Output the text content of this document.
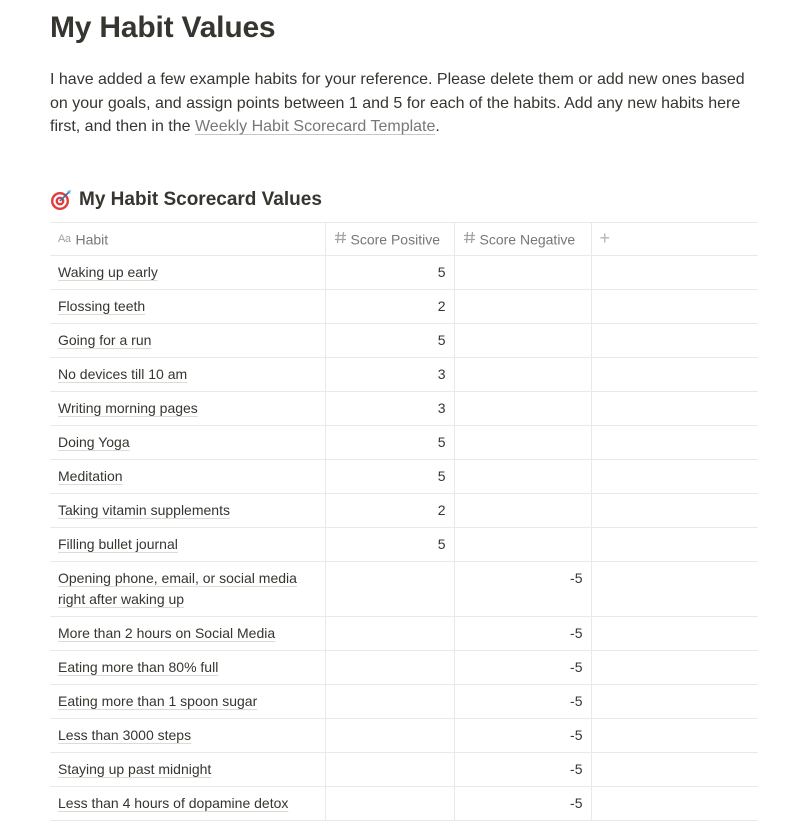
My Habit Values
I have added a few example habits for your reference. Please delete them or add new ones based on your goals, and assign points between 1 and 5 for each of the habits. Add any new habits here first, and then in the Weekly Habit Scorecard Template.
My Habit Scorecard Values
Aa Habit	Score Positive	Score Negative	+
Waking up early	5		
Flossing teeth	2		
Going for a run	5		
No devices till 10 am	3		
Writing morning pages	3		
Doing Yoga	5		
Meditation	5		
Taking vitamin supplements	2		
Filling bullet journal	5		
Opening phone, email, or social media right after waking up		-5	
More than 2 hours on Social Media		-5	
Eating more than 80% full		-5	
Eating more than 1 spoon sugar		-5	
Less than 3000 steps		-5	
Staying up past midnight		-5	
Less than 4 hours of dopamine detox		-5	
